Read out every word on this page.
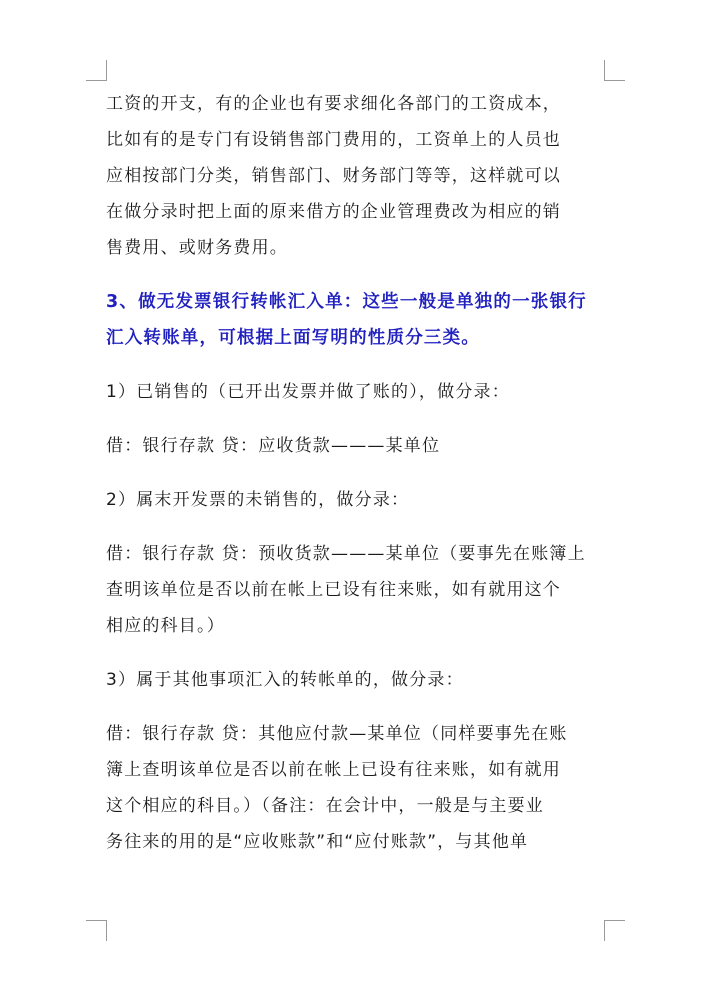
工资的开支，有的企业也有要求细化各部门的工资成本，
比如有的是专门有设销售部门费用的，工资单上的人员也
应相按部门分类，销售部门、财务部门等等，这样就可以
在做分录时把上面的原来借方的企业管理费改为相应的销
售费用、或财务费用。

3、做无发票银行转帐汇入单：这些一般是单独的一张银行
汇入转账单，可根据上面写明的性质分三类。

1）已销售的（已开出发票并做了账的），做分录：

借：银行存款 贷：应收货款———某单位

2）属末开发票的未销售的，做分录：

借：银行存款 贷：预收货款———某单位（要事先在账簿上
查明该单位是否以前在帐上已设有往来账，如有就用这个
相应的科目。）

3）属于其他事项汇入的转帐单的，做分录：

借：银行存款 贷：其他应付款—某单位（同样要事先在账
簿上查明该单位是否以前在帐上已设有往来账，如有就用
这个相应的科目。）（备注：在会计中，一般是与主要业
务往来的用的是“应收账款”和“应付账款”，与其他单
